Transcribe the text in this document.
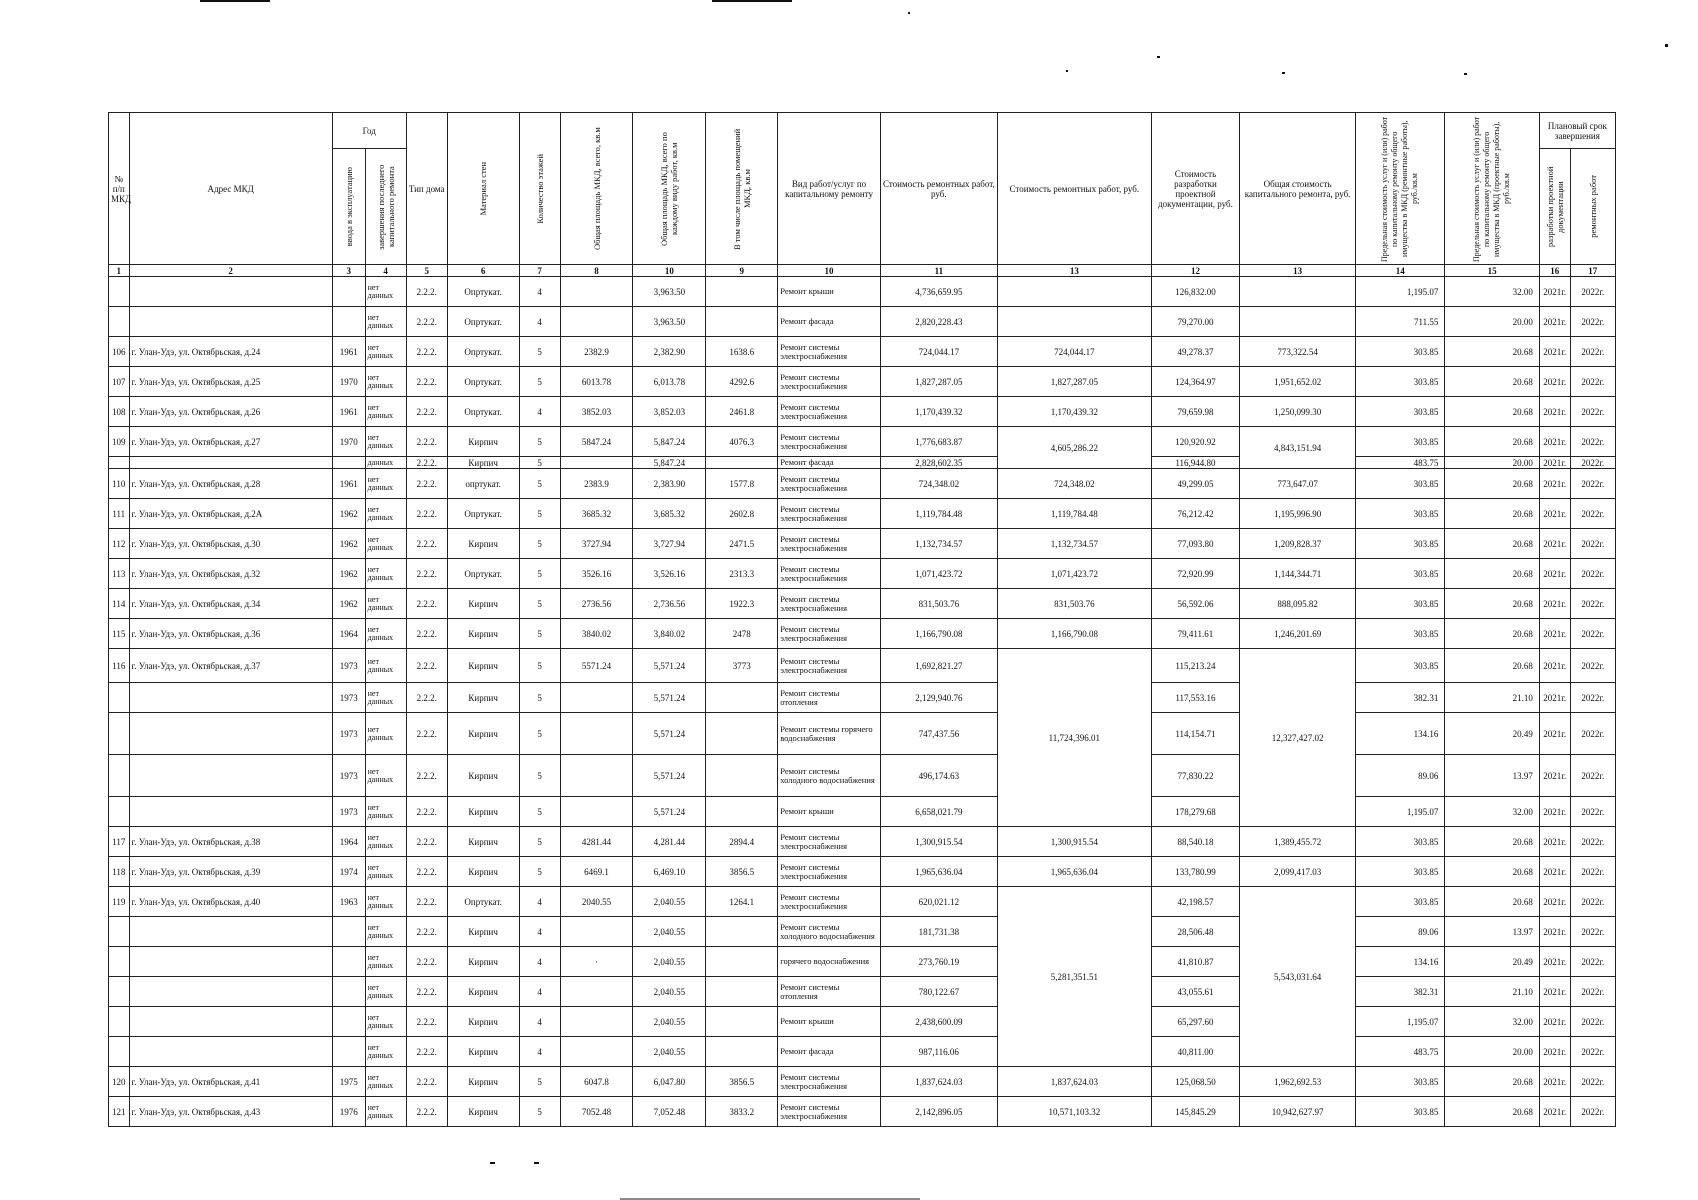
№ п/п МКД	Адрес МКД	Год		Тип дома	Материал стен	Количество этажей	Общая площадь МКД, всего, кв.м	Общая площадь МКД, всего по каждому виду работ, кв.м	В том числе площадь помещений МКД, кв.м	Вид работ/услуг по капитальному ремонту	Стоимость ремонтных работ, руб.	Стоимость ремонтных работ, руб.	Стоимость разработки проектной документации, руб.	Общая стоимость капитального ремонта, руб.	Предельная стоимость услуг и (или) работ по капитальному ремонту общего имущества в МКД (ремонтные работы), руб./кв.м	Предельная стоимость услуг и (или) работ по капитальному ремонту общего имущества в МКД (проектные работы), руб./кв.м	Плановый срок завершения	

		ввода в эксплуатацию	завершения последнего капитального ремонта														разработки проектной документации	ремонтных работ

1	2	3	4	5	6	7	8	10	9	10	11	13	12	13	14	15	16	17
			нет данных	2.2.2.	Опртукат.	4		3,963.50		Ремонт крыши	4,736,659.95		126,832.00		1,195.07	32.00	2021г.	2022г.
			нет данных	2.2.2.	Опртукат.	4		3,963.50		Ремонт фасада	2,820,228.43		79,270.00		711.55	20.00	2021г.	2022г.
106	г. Улан-Удэ, ул. Октябрьская, д.24	1961	нет данных	2.2.2.	Опртукат.	5	2382.9	2,382.90	1638.6	Ремонт системы электроснабжения	724,044.17	724,044.17	49,278.37	773,322.54	303.85	20.68	2021г.	2022г.
107	г. Улан-Удэ, ул. Октябрьская, д.25	1970	нет данных	2.2.2.	Опртукат.	5	6013.78	6,013.78	4292.6	Ремонт системы электроснабжения	1,827,287.05	1,827,287.05	124,364.97	1,951,652.02	303.85	20.68	2021г.	2022г.
108	г. Улан-Удэ, ул. Октябрьская, д.26	1961	нет данных	2.2.2.	Опртукат.	4	3852.03	3,852.03	2461.8	Ремонт системы электроснабжения	1,170,439.32	1,170,439.32	79,659.98	1,250,099.30	303.85	20.68	2021г.	2022г.
109	г. Улан-Удэ, ул. Октябрьская, д.27	1970	нет данных	2.2.2.	Кирпич	5	5847.24	5,847.24	4076.3	Ремонт системы электроснабжения	1,776,683.87	4,605,286.22	120,920.92	4,843,151.94	303.85	20.68	2021г.	2022г.
			данных	2.2.2.	Кирпич	5		5,847.24		Ремонт фасада	2,828,602.35		116,944.80		483.75	20.00	2021г.	2022г.
110	г. Улан-Удэ, ул. Октябрьская, д.28	1961	нет данных	2.2.2.	опртукат.	5	2383.9	2,383.90	1577.8	Ремонт системы электроснабжения	724,348.02	724,348.02	49,299.05	773,647.07	303.85	20.68	2021г.	2022г.
111	г. Улан-Удэ, ул. Октябрьская, д.2А	1962	нет данных	2.2.2.	Опртукат.	5	3685.32	3,685.32	2602.8	Ремонт системы электроснабжения	1,119,784.48	1,119,784.48	76,212.42	1,195,996.90	303.85	20.68	2021г.	2022г.
112	г. Улан-Удэ, ул. Октябрьская, д.30	1962	нет данных	2.2.2.	Кирпич	5	3727.94	3,727.94	2471.5	Ремонт системы электроснабжения	1,132,734.57	1,132,734.57	77,093.80	1,209,828.37	303.85	20.68	2021г.	2022г.
113	г. Улан-Удэ, ул. Октябрьская, д.32	1962	нет данных	2.2.2.	Опртукат.	5	3526.16	3,526.16	2313.3	Ремонт системы электроснабжения	1,071,423.72	1,071,423.72	72,920.99	1,144,344.71	303.85	20.68	2021г.	2022г.
114	г. Улан-Удэ, ул. Октябрьская, д.34	1962	нет данных	2.2.2.	Кирпич	5	2736.56	2,736.56	1922.3	Ремонт системы электроснабжения	831,503.76	831,503.76	56,592.06	888,095.82	303.85	20.68	2021г.	2022г.
115	г. Улан-Удэ, ул. Октябрьская, д.36	1964	нет данных	2.2.2.	Кирпич	5	3840.02	3,840.02	2478	Ремонт системы электроснабжения	1,166,790.08	1,166,790.08	79,411.61	1,246,201.69	303.85	20.68	2021г.	2022г.
116	г. Улан-Удэ, ул. Октябрьская, д.37	1973	нет данных	2.2.2.	Кирпич	5	5571.24	5,571.24	3773	Ремонт системы электроснабжения	1,692,821.27	11,724,396.01	115,213.24	12,327,427.02	303.85	20.68	2021г.	2022г.
		1973	нет данных	2.2.2.	Кирпич	5		5,571.24		Ремонт системы отопления	2,129,940.76		117,553.16		382.31	21.10	2021г.	2022г.
		1973	нет данных	2.2.2.	Кирпич	5		5,571.24		Ремонт системы горячего водоснабжения	747,437.56		114,154.71		134.16	20.49	2021г.	2022г.
		1973	нет данных	2.2.2.	Кирпич	5		5,571.24		Ремонт системы холодного водоснабжения	496,174.63		77,830.22		89.06	13.97	2021г.	2022г.
		1973	нет данных	2.2.2.	Кирпич	5		5,571.24		Ремонт крыши	6,658,021.79		178,279.68		1,195.07	32.00	2021г.	2022г.
117	г. Улан-Удэ, ул. Октябрьская, д.38	1964	нет данных	2.2.2.	Кирпич	5	4281.44	4,281.44	2894.4	Ремонт системы электроснабжения	1,300,915.54	1,300,915.54	88,540.18	1,389,455.72	303.85	20.68	2021г.	2022г.
118	г. Улан-Удэ, ул. Октябрьская, д.39	1974	нет данных	2.2.2.	Кирпич	5	6469.1	6,469.10	3856.5	Ремонт системы электроснабжения	1,965,636.04	1,965,636.04	133,780.99	2,099,417.03	303.85	20.68	2021г.	2022г.
119	г. Улан-Удэ, ул. Октябрьская, д.40	1963	нет данных	2.2.2.	Опртукат.	4	2040.55	2,040.55	1264.1	Ремонт системы электроснабжения	620,021.12	5,281,351.51	42,198.57	5,543,031.64	303.85	20.68	2021г.	2022г.
			нет данных	2.2.2.	Кирпич	4		2,040.55		Ремонт системы холодного водоснабжения	181,731.38		28,506.48		89.06	13.97	2021г.	2022г.
			нет данных	2.2.2.	Кирпич	4	·	2,040.55		горячего водоснабжения	273,760.19		41,810.87		134.16	20.49	2021г.	2022г.
			нет данных	2.2.2.	Кирпич	4		2,040.55		Ремонт системы отопления	780,122.67		43,055.61		382.31	21.10	2021г.	2022г.
			нет данных	2.2.2.	Кирпич	4		2,040.55		Ремонт крыши	2,438,600.09		65,297.60		1,195.07	32.00	2021г.	2022г.
			нет данных	2.2.2.	Кирпич	4		2,040.55		Ремонт фасада	987,116.06		40,811.00		483.75	20.00	2021г.	2022г.
120	г. Улан-Удэ, ул. Октябрьская, д.41	1975	нет данных	2.2.2.	Кирпич	5	6047.8	6,047.80	3856.5	Ремонт системы электроснабжения	1,837,624.03	1,837,624.03	125,068.50	1,962,692.53	303.85	20.68	2021г.	2022г.
121	г. Улан-Удэ, ул. Октябрьская, д.43	1976	нет данных	2.2.2.	Кирпич	5	7052.48	7,052.48	3833.2	Ремонт системы электроснабжения	2,142,896.05	10,571,103.32	145,845.29	10,942,627.97	303.85	20.68	2021г.	2022г.
